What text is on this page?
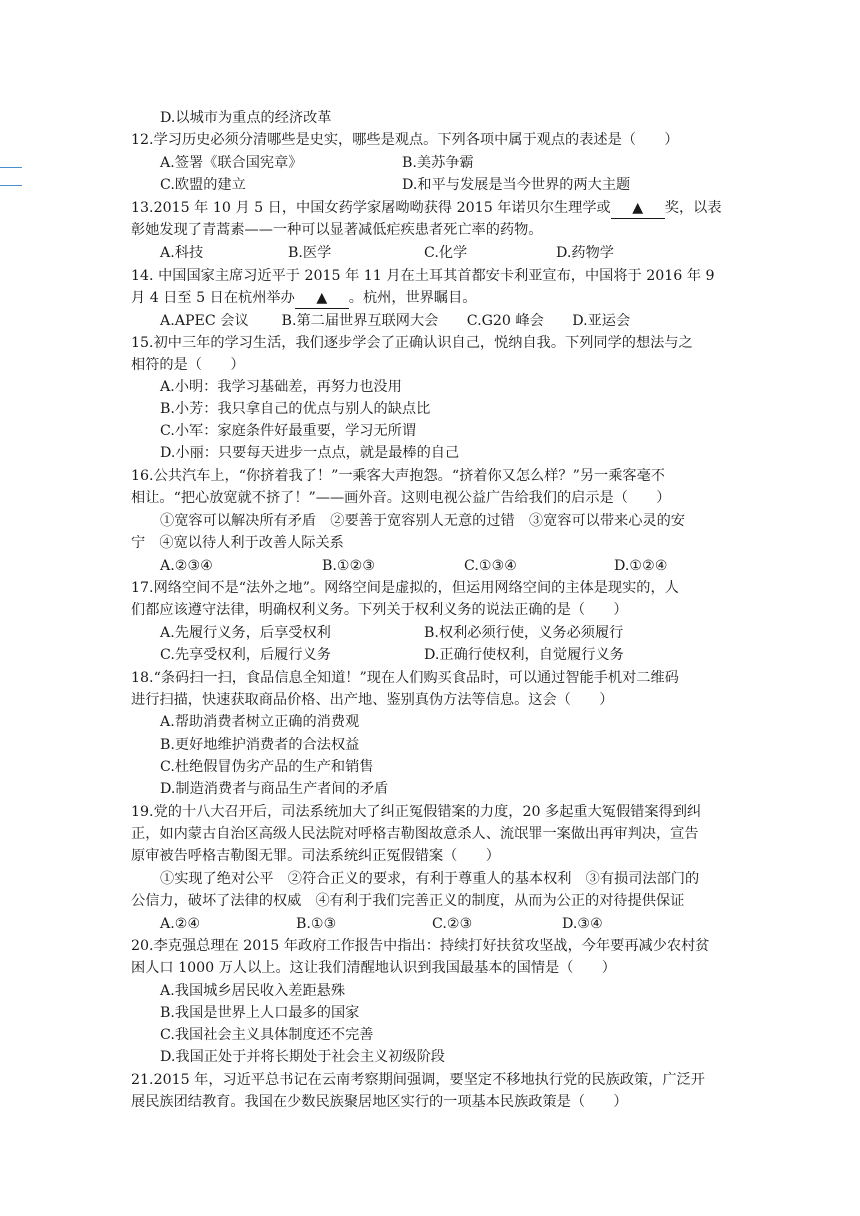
D.以城市为重点的经济改革
12.学习历史必须分清哪些是史实，哪些是观点。下列各项中属于观点的表述是（　　）
A.签署《联合国宪章》	B.美苏争霸
C.欧盟的建立	D.和平与发展是当今世界的两大主题
13.2015 年 10 月 5 日，中国女药学家屠呦呦获得 2015 年诺贝尔生理学或 ▲ 奖，以表
彰她发现了青蒿素——一种可以显著减低疟疾患者死亡率的药物。
A.科技	B.医学	C.化学	D.药物学
14. 中国国家主席习近平于 2015 年 11 月在土耳其首都安卡利亚宣布，中国将于 2016 年 9
月 4 日至 5 日在杭州举办 ▲ 。杭州，世界瞩目。
A.APEC 会议　　 B.第二届世界互联网大会　　C.G20 峰会　　D.亚运会
15.初中三年的学习生活，我们逐步学会了正确认识自己，悦纳自我。下列同学的想法与之
相符的是（　　）
A.小明：我学习基础差，再努力也没用
B.小芳：我只拿自己的优点与别人的缺点比
C.小军：家庭条件好最重要，学习无所谓
D.小丽：只要每天进步一点点，就是最棒的自己
16.公共汽车上，“你挤着我了！”一乘客大声抱怨。“挤着你又怎么样？”另一乘客毫不
相让。“把心放宽就不挤了！”——画外音。这则电视公益广告给我们的启示是（　　）
①宽容可以解决所有矛盾　②要善于宽容别人无意的过错　③宽容可以带来心灵的安
宁　④宽以待人利于改善人际关系
A.②③④	B.①②③	C.①③④	D.①②④
17.网络空间不是“法外之地”。网络空间是虚拟的，但运用网络空间的主体是现实的，人
们都应该遵守法律，明确权利义务。下列关于权利义务的说法正确的是（　　）
A.先履行义务，后享受权利	B.权利必须行使，义务必须履行
C.先享受权利，后履行义务	D.正确行使权利，自觉履行义务
18.“条码扫一扫，食品信息全知道！”现在人们购买食品时，可以通过智能手机对二维码
进行扫描，快速获取商品价格、出产地、鉴别真伪方法等信息。这会（　　）
A.帮助消费者树立正确的消费观
B.更好地维护消费者的合法权益
C.杜绝假冒伪劣产品的生产和销售
D.制造消费者与商品生产者间的矛盾
19.党的十八大召开后，司法系统加大了纠正冤假错案的力度，20 多起重大冤假错案得到纠
正，如内蒙古自治区高级人民法院对呼格吉勒图故意杀人、流氓罪一案做出再审判决，宣告
原审被告呼格吉勒图无罪。司法系统纠正冤假错案（　　）
①实现了绝对公平　②符合正义的要求，有利于尊重人的基本权利　③有损司法部门的
公信力，破坏了法律的权威　④有利于我们完善正义的制度，从而为公正的对待提供保证
A.②④	B.①③	C.②③	D.③④
20.李克强总理在 2015 年政府工作报告中指出：持续打好扶贫攻坚战，今年要再减少农村贫
困人口 1000 万人以上。这让我们清醒地认识到我国最基本的国情是（　　）
A.我国城乡居民收入差距悬殊
B.我国是世界上人口最多的国家
C.我国社会主义具体制度还不完善
D.我国正处于并将长期处于社会主义初级阶段
21.2015 年，习近平总书记在云南考察期间强调，要坚定不移地执行党的民族政策，广泛开
展民族团结教育。我国在少数民族聚居地区实行的一项基本民族政策是（　　）
